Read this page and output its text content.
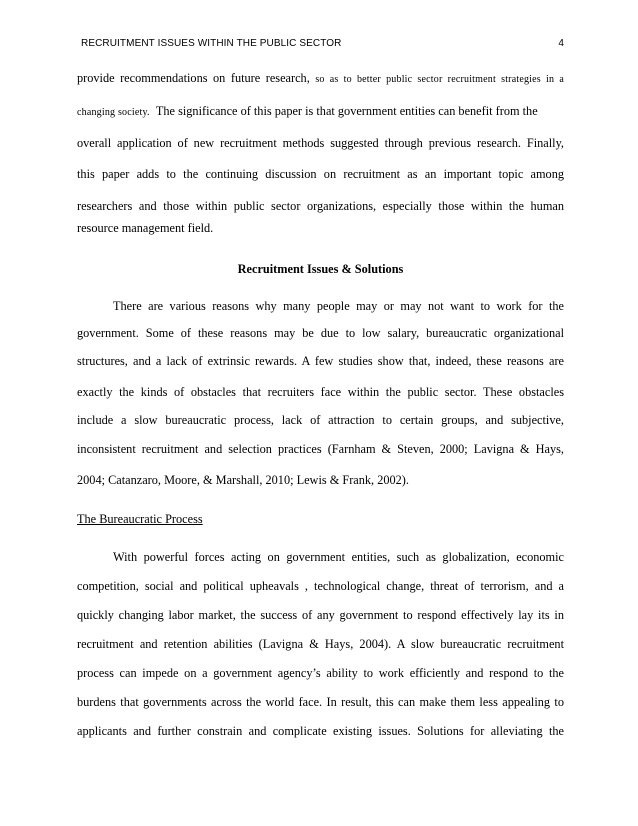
RECRUITMENT ISSUES WITHIN THE PUBLIC SECTOR	4
provide recommendations on future research, so as to better public sector recruitment strategies in a
changing society. The significance of this paper is that government entities can benefit from the
overall application of new recruitment methods suggested through previous research. Finally,
this paper adds to the continuing discussion on recruitment as an important topic among
researchers and those within public sector organizations, especially those within the human
resource management field.
Recruitment Issues & Solutions
There are various reasons why many people may or may not want to work for the
government. Some of these reasons may be due to low salary, bureaucratic organizational
structures, and a lack of extrinsic rewards. A few studies show that, indeed, these reasons are
exactly the kinds of obstacles that recruiters face within the public sector. These obstacles
include a slow bureaucratic process, lack of attraction to certain groups, and subjective,
inconsistent recruitment and selection practices (Farnham & Steven, 2000; Lavigna & Hays,
2004; Catanzaro, Moore, & Marshall, 2010; Lewis & Frank, 2002).
The Bureaucratic Process
With powerful forces acting on government entities, such as globalization, economic
competition, social and political upheavals , technological change, threat of terrorism, and a
quickly changing labor market, the success of any government to respond effectively lay its in
recruitment and retention abilities (Lavigna & Hays, 2004). A slow bureaucratic recruitment
process can impede on a government agency’s ability to work efficiently and respond to the
burdens that governments across the world face. In result, this can make them less appealing to
applicants and further constrain and complicate existing issues. Solutions for alleviating the
